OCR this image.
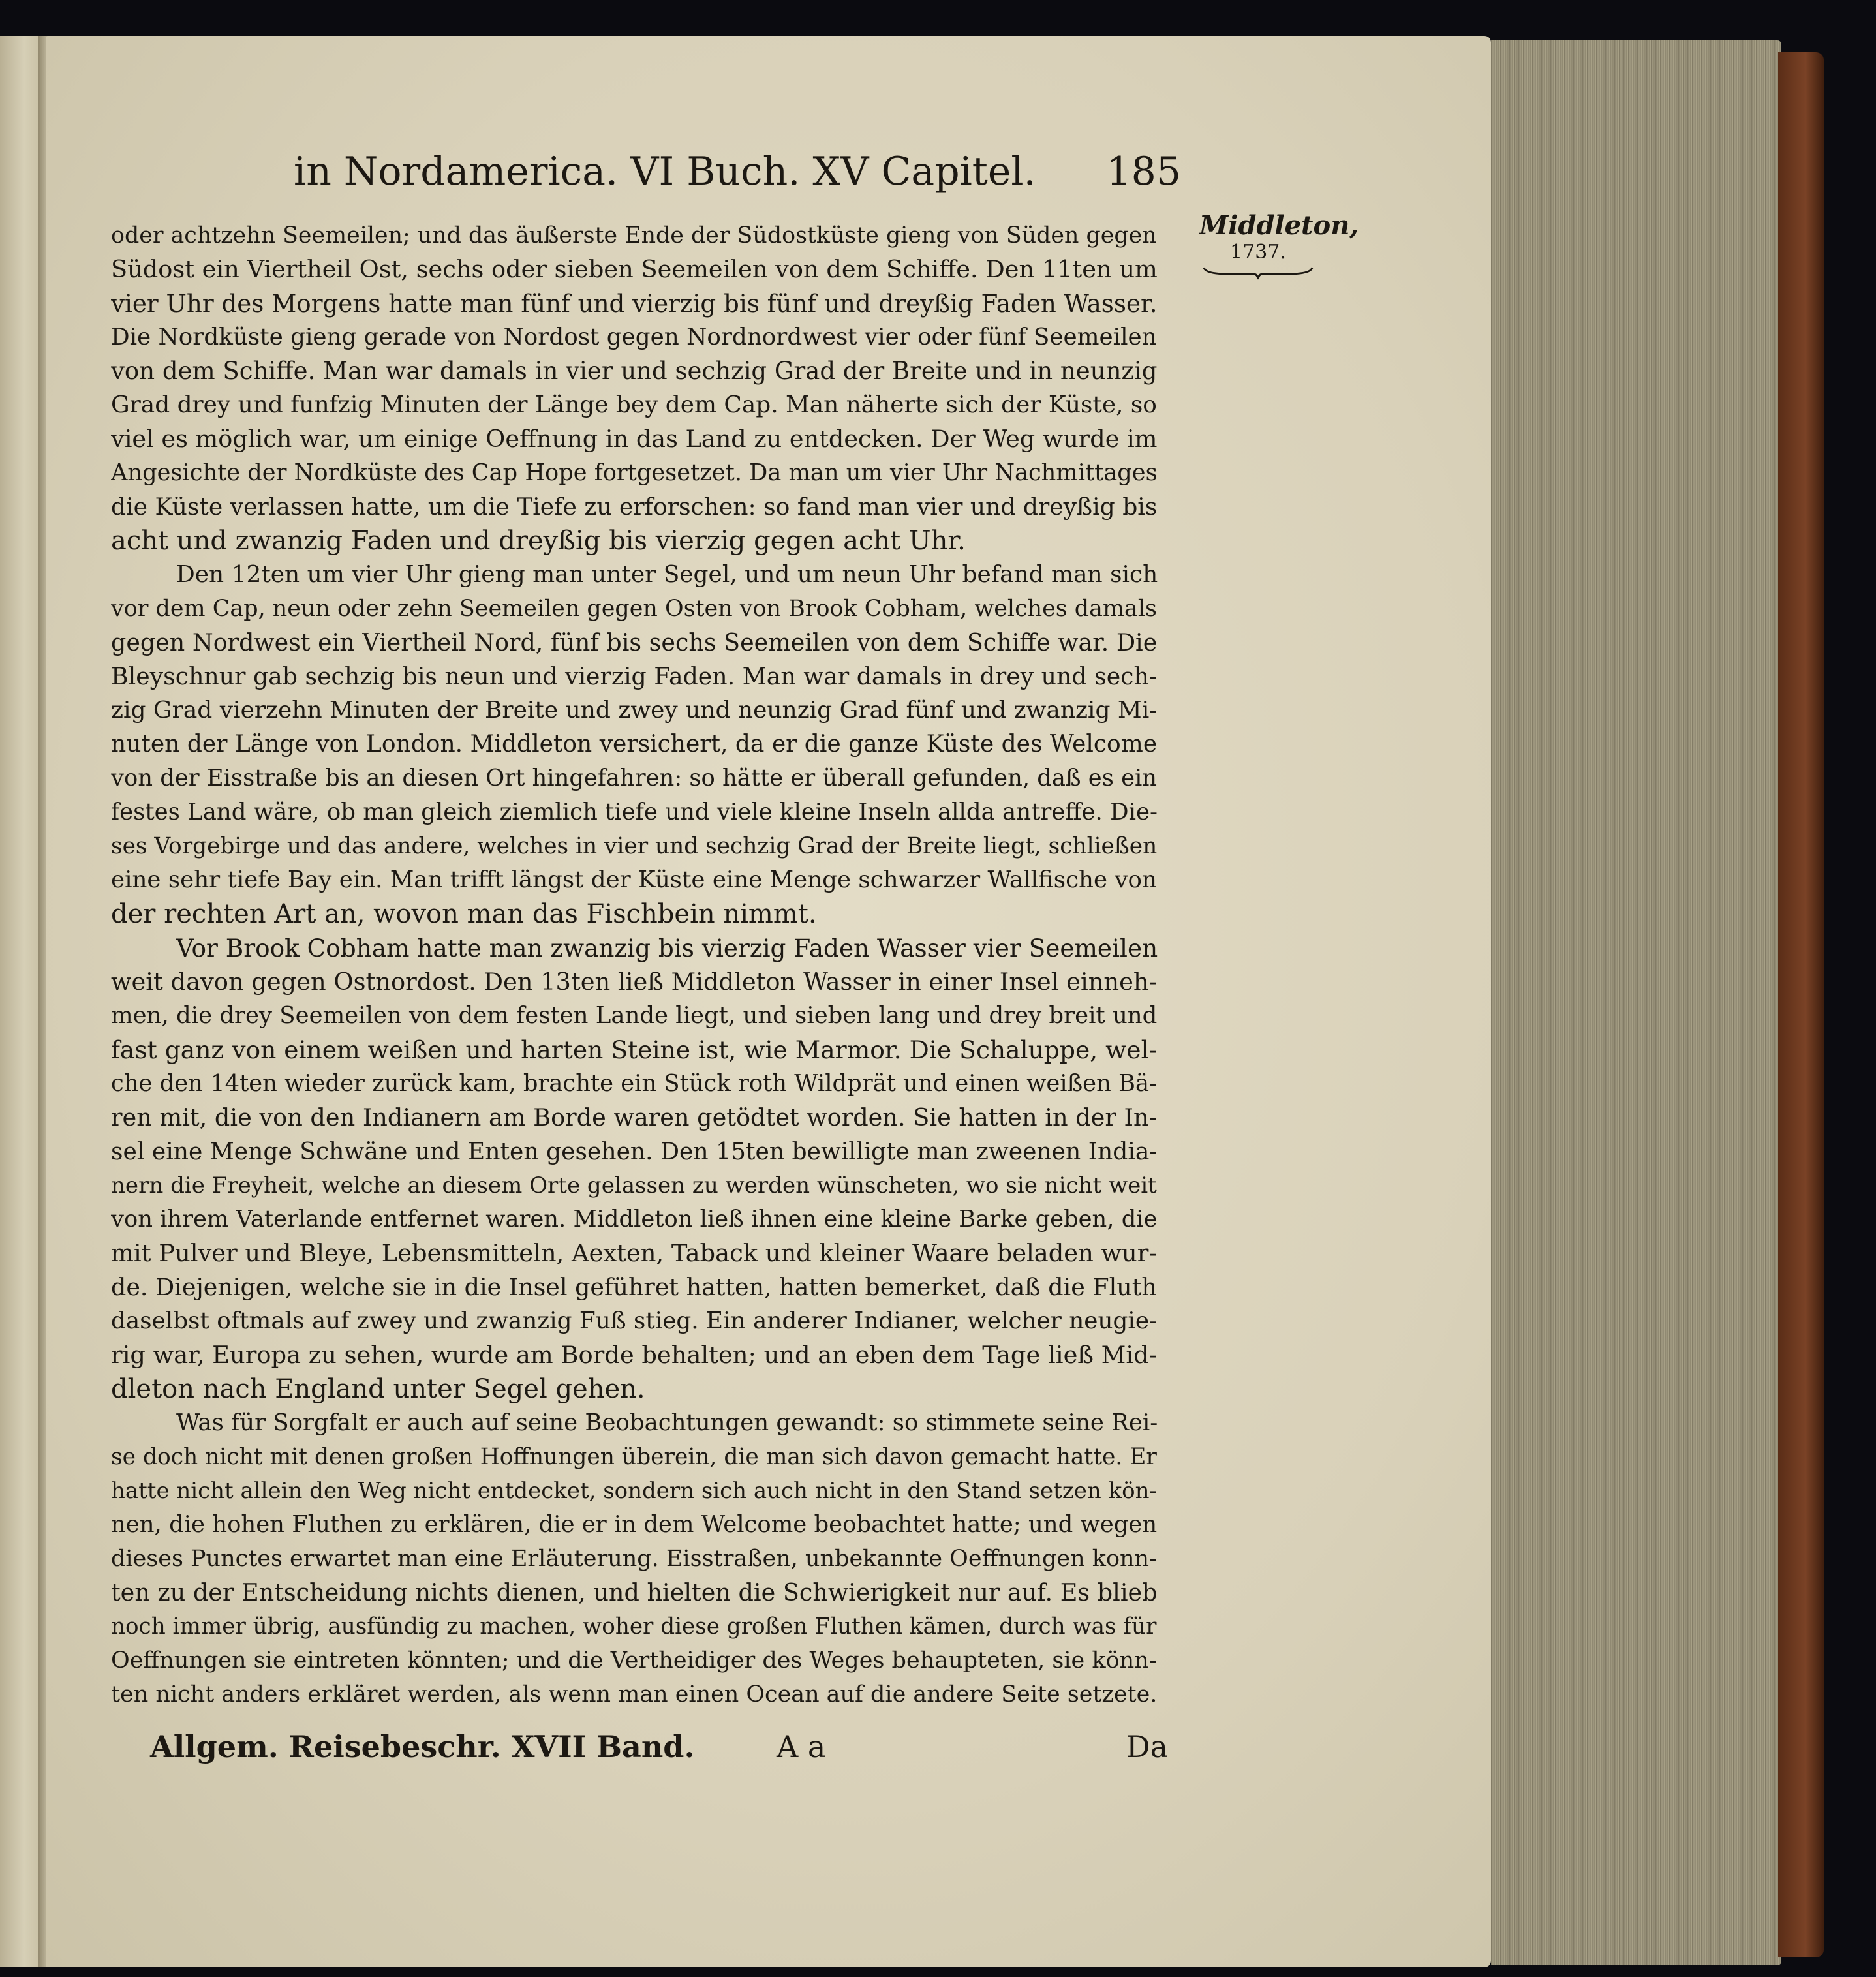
in Nordamerica. VI Buch. XV Capitel. 185
Middleton,
1737.
oder achtzehn Seemeilen; und das äußerste Ende der Südostküste gieng von Süden gegen
Südost ein Viertheil Ost, sechs oder sieben Seemeilen von dem Schiffe. Den 11ten um
vier Uhr des Morgens hatte man fünf und vierzig bis fünf und dreyßig Faden Wasser.
Die Nordküste gieng gerade von Nordost gegen Nordnordwest vier oder fünf Seemeilen
von dem Schiffe. Man war damals in vier und sechzig Grad der Breite und in neunzig
Grad drey und funfzig Minuten der Länge bey dem Cap. Man näherte sich der Küste, so
viel es möglich war, um einige Oeffnung in das Land zu entdecken. Der Weg wurde im
Angesichte der Nordküste des Cap Hope fortgesetzet. Da man um vier Uhr Nachmittages
die Küste verlassen hatte, um die Tiefe zu erforschen: so fand man vier und dreyßig bis
acht und zwanzig Faden und dreyßig bis vierzig gegen acht Uhr.
Den 12ten um vier Uhr gieng man unter Segel, und um neun Uhr befand man sich
vor dem Cap, neun oder zehn Seemeilen gegen Osten von Brook Cobham, welches damals
gegen Nordwest ein Viertheil Nord, fünf bis sechs Seemeilen von dem Schiffe war. Die
Bleyschnur gab sechzig bis neun und vierzig Faden. Man war damals in drey und sech-
zig Grad vierzehn Minuten der Breite und zwey und neunzig Grad fünf und zwanzig Mi-
nuten der Länge von London. Middleton versichert, da er die ganze Küste des Welcome
von der Eisstraße bis an diesen Ort hingefahren: so hätte er überall gefunden, daß es ein
festes Land wäre, ob man gleich ziemlich tiefe und viele kleine Inseln allda antreffe. Die-
ses Vorgebirge und das andere, welches in vier und sechzig Grad der Breite liegt, schließen
eine sehr tiefe Bay ein. Man trifft längst der Küste eine Menge schwarzer Wallfische von
der rechten Art an, wovon man das Fischbein nimmt.
Vor Brook Cobham hatte man zwanzig bis vierzig Faden Wasser vier Seemeilen
weit davon gegen Ostnordost. Den 13ten ließ Middleton Wasser in einer Insel einneh-
men, die drey Seemeilen von dem festen Lande liegt, und sieben lang und drey breit und
fast ganz von einem weißen und harten Steine ist, wie Marmor. Die Schaluppe, wel-
che den 14ten wieder zurück kam, brachte ein Stück roth Wildprät und einen weißen Bä-
ren mit, die von den Indianern am Borde waren getödtet worden. Sie hatten in der In-
sel eine Menge Schwäne und Enten gesehen. Den 15ten bewilligte man zweenen India-
nern die Freyheit, welche an diesem Orte gelassen zu werden wünscheten, wo sie nicht weit
von ihrem Vaterlande entfernet waren. Middleton ließ ihnen eine kleine Barke geben, die
mit Pulver und Bleye, Lebensmitteln, Aexten, Taback und kleiner Waare beladen wur-
de. Diejenigen, welche sie in die Insel geführet hatten, hatten bemerket, daß die Fluth
daselbst oftmals auf zwey und zwanzig Fuß stieg. Ein anderer Indianer, welcher neugie-
rig war, Europa zu sehen, wurde am Borde behalten; und an eben dem Tage ließ Mid-
dleton nach England unter Segel gehen.
Was für Sorgfalt er auch auf seine Beobachtungen gewandt: so stimmete seine Rei-
se doch nicht mit denen großen Hoffnungen überein, die man sich davon gemacht hatte. Er
hatte nicht allein den Weg nicht entdecket, sondern sich auch nicht in den Stand setzen kön-
nen, die hohen Fluthen zu erklären, die er in dem Welcome beobachtet hatte; und wegen
dieses Punctes erwartet man eine Erläuterung. Eisstraßen, unbekannte Oeffnungen konn-
ten zu der Entscheidung nichts dienen, und hielten die Schwierigkeit nur auf. Es blieb
noch immer übrig, ausfündig zu machen, woher diese großen Fluthen kämen, durch was für
Oeffnungen sie eintreten könnten; und die Vertheidiger des Weges behaupteten, sie könn-
ten nicht anders erkläret werden, als wenn man einen Ocean auf die andere Seite setzete.
Allgem. Reisebeschr. XVII Band.	A a	Da
